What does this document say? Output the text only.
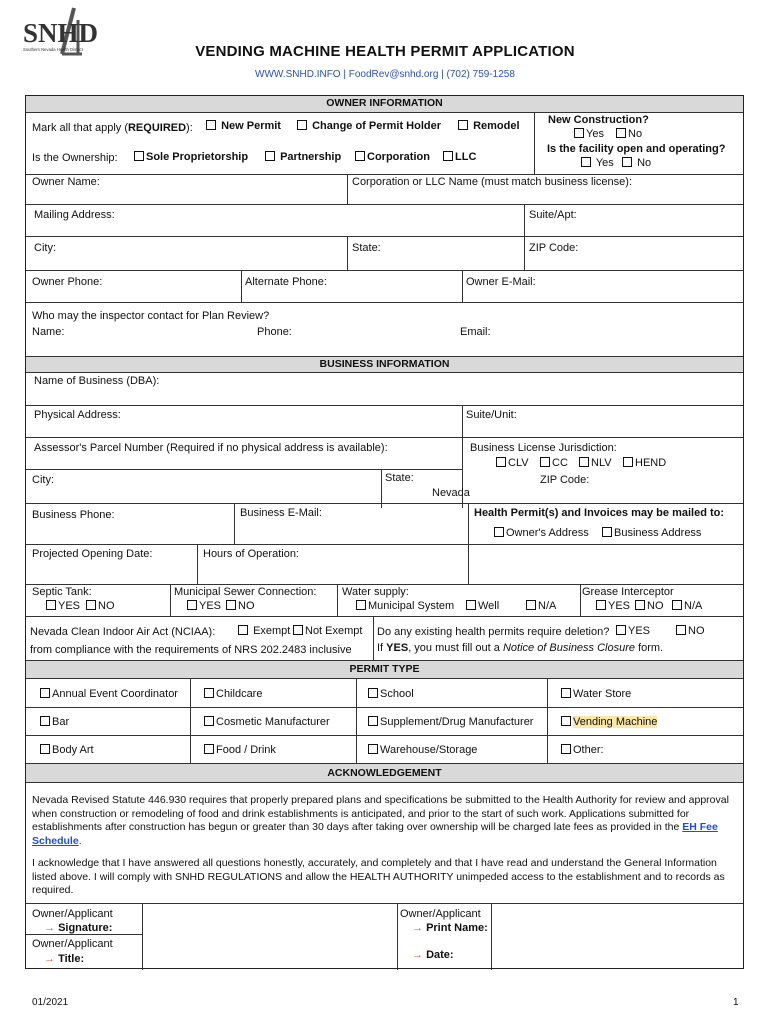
SNHD
Southern Nevada Health District	VENDING MACHINE HEALTH PERMIT APPLICATION
WWW.SNHD.INFO | FoodRev@snhd.org | (702) 759-1258
OWNER INFORMATION
Mark all that apply (REQUIRED):	New Permit	Change of Permit Holder	Remodel	New Construction?
Yes	No
Is the facility open and operating?
Yes	No
Is the Ownership:	Sole Proprietorship	Partnership	Corporation	LLC
Owner Name:	Corporation or LLC Name (must match business license):
Mailing Address:	Suite/Apt:
City:	State:	ZIP Code:
Owner Phone:	Alternate Phone:	Owner E-Mail:
Who may the inspector contact for Plan Review?
Name:	Phone:	Email:
BUSINESS INFORMATION
Name of Business (DBA):
Physical Address:	Suite/Unit:
Assessor's Parcel Number (Required if no physical address is available):	Business License Jurisdiction:
CLV	CC	NLV	HEND
City:	State:
Nevada
ZIP Code:
Business Phone:	Business E-Mail:	Health Permit(s) and Invoices may be mailed to:
Owner's Address	Business Address
Projected Opening Date:	Hours of Operation:
Septic Tank:
YES	NO
Municipal Sewer Connection:
YES	NO
Water supply:
Municipal System	Well	N/A
Grease Interceptor
YES	NO	N/A
Nevada Clean Indoor Air Act (NCIAA):	Exempt	Not Exempt
from compliance with the requirements of NRS 202.2483 inclusive
Do any existing health permits require deletion?	YES	NO
If YES, you must fill out a Notice of Business Closure form.
PERMIT TYPE
Annual Event Coordinator	Childcare	School	Water Store
Bar	Cosmetic Manufacturer	Supplement/Drug Manufacturer	Vending Machine
Body Art	Food / Drink	Warehouse/Storage	Other:
ACKNOWLEDGEMENT
Nevada Revised Statute 446.930 requires that properly prepared plans and specifications be submitted to the Health Authority for review and approval when construction or remodeling of food and drink establishments is anticipated, and prior to the start of such work. Applications submitted for establishments after construction has begun or greater than 30 days after taking over ownership will be charged late fees as provided in the EH Fee Schedule.
I acknowledge that I have answered all questions honestly, accurately, and completely and that I have read and understand the General Information listed above. I will comply with SNHD REGULATIONS and allow the HEALTH AUTHORITY unimpeded access to the establishment and to records as required.
Owner/Applicant
→ Signature:
Owner/Applicant
→ Title:
Owner/Applicant
→ Print Name:
→ Date:
01/2021	1
